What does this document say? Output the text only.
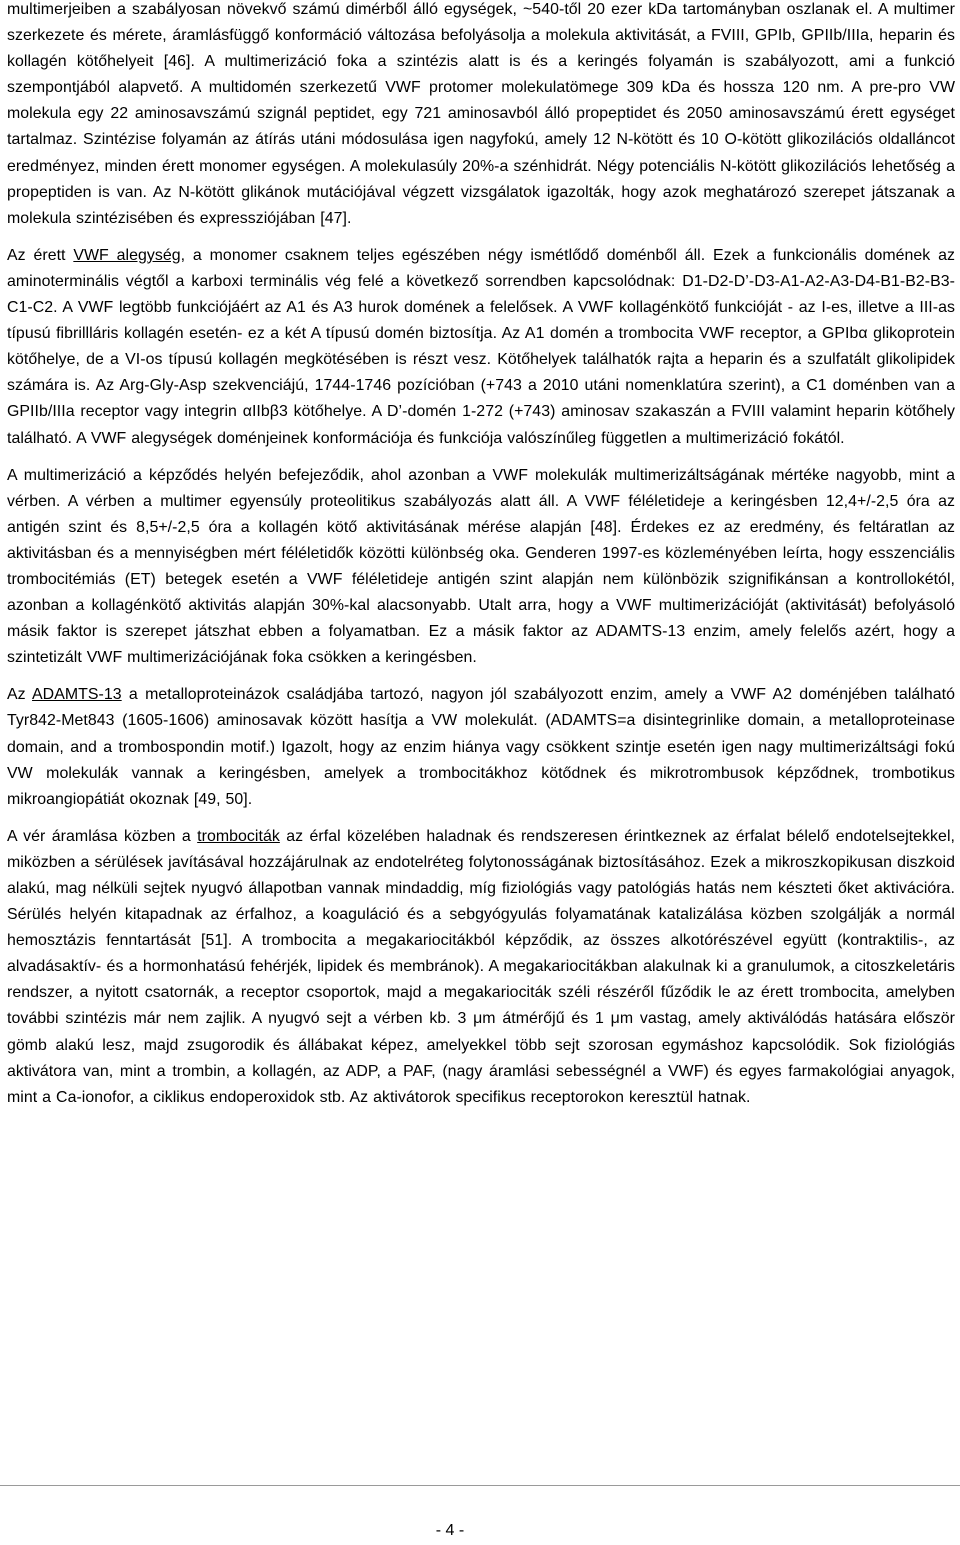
multimerjeiben a szabályosan növekvő számú dimérből álló egységek, ~540-től 20 ezer kDa tartományban oszlanak el. A multimer szerkezete és mérete, áramlásfüggő konformáció változása befolyásolja a molekula aktivitását, a FVIII, GPIb, GPIIb/IIIa, heparin és kollagén kötőhelyeit [46]. A multimerizáció foka a szintézis alatt is és a keringés folyamán is szabályozott, ami a funkció szempontjából alapvető. A multidomén szerkezetű VWF protomer molekulatömege 309 kDa és hossza 120 nm. A pre-pro VW molekula egy 22 aminosavszámú szignál peptidet, egy 721 aminosavból álló propeptidet és 2050 aminosavszámú érett egységet tartalmaz. Szintézise folyamán az átírás utáni módosulása igen nagyfokú, amely 12 N-kötött és 10 O-kötött glikozilációs oldalláncot eredményez, minden érett monomer egységen. A molekulasúly 20%-a szénhidrát. Négy potenciális N-kötött glikozilációs lehetőség a propeptiden is van. Az N-kötött glikánok mutációjával végzett vizsgálatok igazolták, hogy azok meghatározó szerepet játszanak a molekula szintézisében és expressziójában [47].

Az érett VWF alegység, a monomer csaknem teljes egészében négy ismétlődő doménből áll. Ezek a funkcionális domének az aminoterminális végtől a karboxi terminális vég felé a következő sorrendben kapcsolódnak: D1-D2-D’-D3-A1-A2-A3-D4-B1-B2-B3-C1-C2. A VWF legtöbb funkciójáért az A1 és A3 hurok domének a felelősek. A VWF kollagénkötő funkcióját - az I-es, illetve a III-as típusú fibrillláris kollagén esetén- ez a két A típusú domén biztosítja. Az A1 domén a trombocita VWF receptor, a GPIbα glikoprotein kötőhelye, de a VI-os típusú kollagén megkötésében is részt vesz. Kötőhelyek találhatók rajta a heparin és a szulfatált glikolipidek számára is. Az Arg-Gly-Asp szekvenciájú, 1744-1746 pozícióban (+743 a 2010 utáni nomenklatúra szerint), a C1 doménben van a GPIIb/IIIa receptor vagy integrin αIIbβ3 kötőhelye. A D’-domén 1-272 (+743) aminosav szakaszán a FVIII valamint heparin kötőhely található. A VWF alegységek doménjeinek konformációja és funkciója valószínűleg független a multimerizáció fokától.

A multimerizáció a képződés helyén befejeződik, ahol azonban a VWF molekulák multimerizáltságának mértéke nagyobb, mint a vérben. A vérben a multimer egyensúly proteolitikus szabályozás alatt áll. A VWF féléletideje a keringésben 12,4+/-2,5 óra az antigén szint és 8,5+/-2,5 óra a kollagén kötő aktivitásának mérése alapján [48]. Érdekes ez az eredmény, és feltáratlan az aktivitásban és a mennyiségben mért féléletidők közötti különbség oka. Genderen 1997-es közleményében leírta, hogy esszenciális trombocitémiás (ET) betegek esetén a VWF féléletideje antigén szint alapján nem különbözik szignifikánsan a kontrollokétól, azonban a kollagénkötő aktivitás alapján 30%-kal alacsonyabb. Utalt arra, hogy a VWF multimerizációját (aktivitását) befolyásoló másik faktor is szerepet játszhat ebben a folyamatban. Ez a másik faktor az ADAMTS-13 enzim, amely felelős azért, hogy a szintetizált VWF multimerizációjának foka csökken a keringésben.

Az ADAMTS-13 a metalloproteinázok családjába tartozó, nagyon jól szabályozott enzim, amely a VWF A2 doménjében található Tyr842-Met843 (1605-1606) aminosavak között hasítja a VW molekulát. (ADAMTS=a disintegrinlike domain, a metalloproteinase domain, and a trombospondin motif.) Igazolt, hogy az enzim hiánya vagy csökkent szintje esetén igen nagy multimerizáltsági fokú VW molekulák vannak a keringésben, amelyek a trombocitákhoz kötődnek és mikrotrombusok képződnek, trombotikus mikroangiopátiát okoznak [49, 50].

A vér áramlása közben a trombociták az érfal közelében haladnak és rendszeresen érintkeznek az érfalat bélelő endotelsejtekkel, miközben a sérülések javításával hozzájárulnak az endotelréteg folytonosságának biztosításához. Ezek a mikroszkopikusan diszkoid alakú, mag nélküli sejtek nyugvó állapotban vannak mindaddig, míg fiziológiás vagy patológiás hatás nem készteti őket aktivációra. Sérülés helyén kitapadnak az érfalhoz, a koaguláció és a sebgyógyulás folyamatának katalizálása közben szolgálják a normál hemosztázis fenntartását [51]. A trombocita a megakariocitákból képződik, az összes alkotórészével együtt (kontraktilis-, az alvadásaktív- és a hormonhatású fehérjék, lipidek és membránok). A megakariocitákban alakulnak ki a granulumok, a citoszkeletáris rendszer, a nyitott csatornák, a receptor csoportok, majd a megakariociták széli részéről fűződik le az érett trombocita, amelyben további szintézis már nem zajlik. A nyugvó sejt a vérben kb. 3 μm átmérőjű és 1 μm vastag, amely aktiválódás hatására először gömb alakú lesz, majd zsugorodik és állábakat képez, amelyekkel több sejt szorosan egymáshoz kapcsolódik. Sok fiziológiás aktivátora van, mint a trombin, a kollagén, az ADP, a PAF, (nagy áramlási sebességnél a VWF) és egyes farmakológiai anyagok, mint a Ca-ionofor, a ciklikus endoperoxidok stb. Az aktivátorok specifikus receptorokon keresztül hatnak.

- 4 -
